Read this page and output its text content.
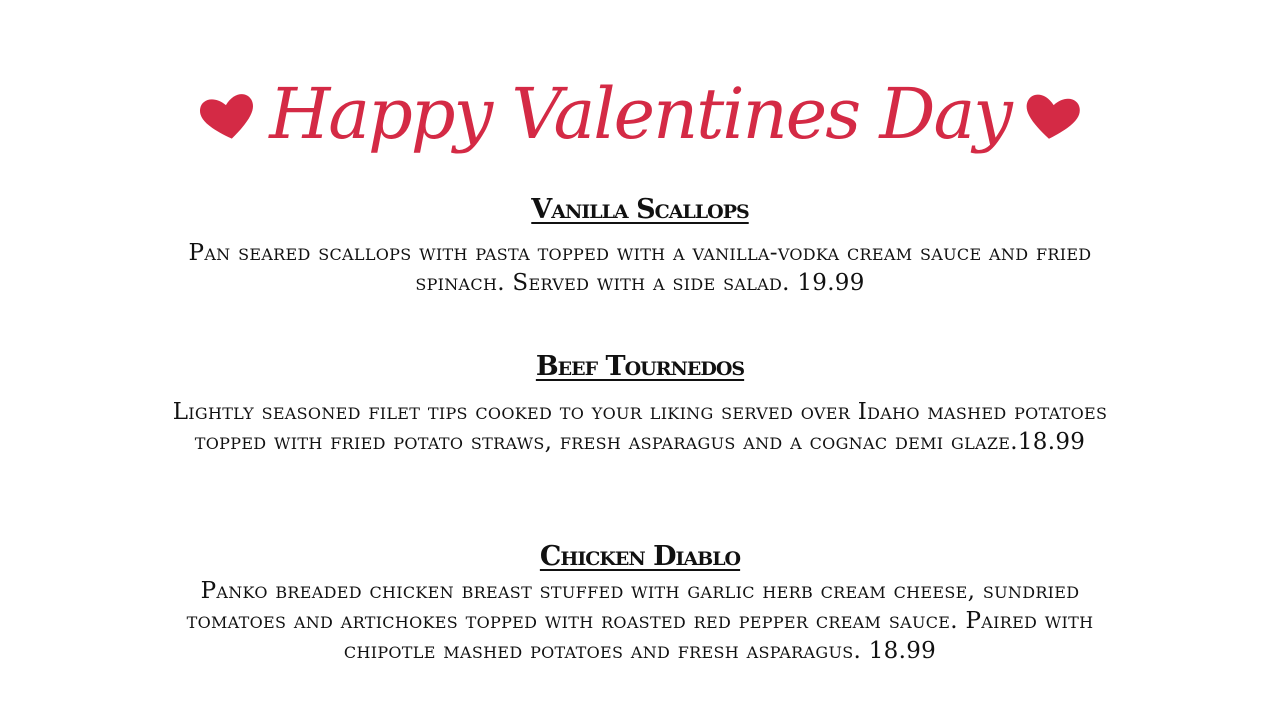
Happy Valentines Day
Vanilla Scallops

Pan seared scallops with pasta topped with a vanilla-vodka cream sauce and fried spinach. Served with a side salad. 19.99

Beef Tournedos

Lightly seasoned filet tips cooked to your liking served over Idaho mashed potatoes topped with fried potato straws, fresh asparagus and a cognac demi glaze.18.99

Chicken Diablo

Panko breaded chicken breast stuffed with garlic herb cream cheese, sundried tomatoes and artichokes topped with roasted red pepper cream sauce. Paired with chipotle mashed potatoes and fresh asparagus. 18.99
